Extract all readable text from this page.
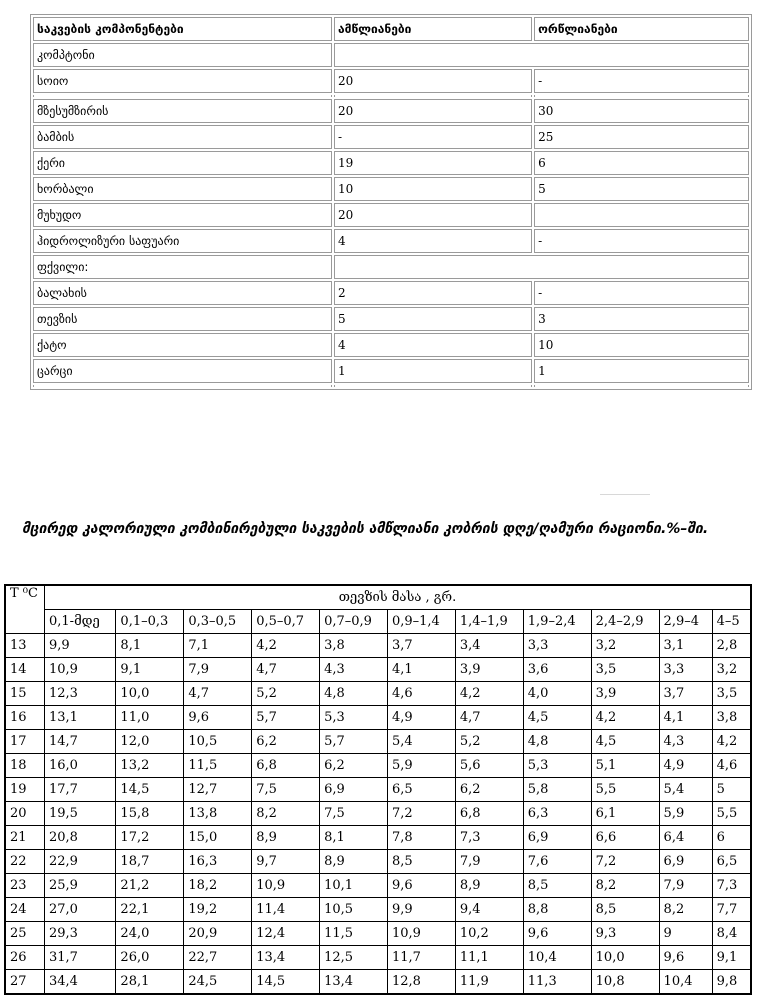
საკვების კომპონენტები	ამწლიანები	ორწლიანები
კომპტონი		
სოიო	20	-

მზესუმზირის	20	30
ბამბის	-	25
ქერი	19	6
ხორბალი	10	5
მუხუდო	20	
ჰიდროლიზური საფუარი	4	-
ფქვილი:		
ბალახის	2	-
თევზის	5	3
ქატო	4	10
ცარცი	1	1

მცირედ კალორიული კომბინირებული საკვების ამწლიანი კობრის დღე/ღამური რაციონი.%–ში.
T ⁰C	თევზის მასა , გრ.										
	0,1-მდე	0,1–0,3	0,3–0,5	0,5–0,7	0,7–0,9	0,9–1,4	1,4–1,9	1,9–2,4	2,4–2,9	2,9–4	4–5
13	9,9	8,1	7,1	4,2	3,8	3,7	3,4	3,3	3,2	3,1	2,8
14	10,9	9,1	7,9	4,7	4,3	4,1	3,9	3,6	3,5	3,3	3,2
15	12,3	10,0	4,7	5,2	4,8	4,6	4,2	4,0	3,9	3,7	3,5
16	13,1	11,0	9,6	5,7	5,3	4,9	4,7	4,5	4,2	4,1	3,8
17	14,7	12,0	10,5	6,2	5,7	5,4	5,2	4,8	4,5	4,3	4,2
18	16,0	13,2	11,5	6,8	6,2	5,9	5,6	5,3	5,1	4,9	4,6
19	17,7	14,5	12,7	7,5	6,9	6,5	6,2	5,8	5,5	5,4	5
20	19,5	15,8	13,8	8,2	7,5	7,2	6,8	6,3	6,1	5,9	5,5
21	20,8	17,2	15,0	8,9	8,1	7,8	7,3	6,9	6,6	6,4	6
22	22,9	18,7	16,3	9,7	8,9	8,5	7,9	7,6	7,2	6,9	6,5
23	25,9	21,2	18,2	10,9	10,1	9,6	8,9	8,5	8,2	7,9	7,3
24	27,0	22,1	19,2	11,4	10,5	9,9	9,4	8,8	8,5	8,2	7,7
25	29,3	24,0	20,9	12,4	11,5	10,9	10,2	9,6	9,3	9	8,4
26	31,7	26,0	22,7	13,4	12,5	11,7	11,1	10,4	10,0	9,6	9,1
27	34,4	28,1	24,5	14,5	13,4	12,8	11,9	11,3	10,8	10,4	9,8
